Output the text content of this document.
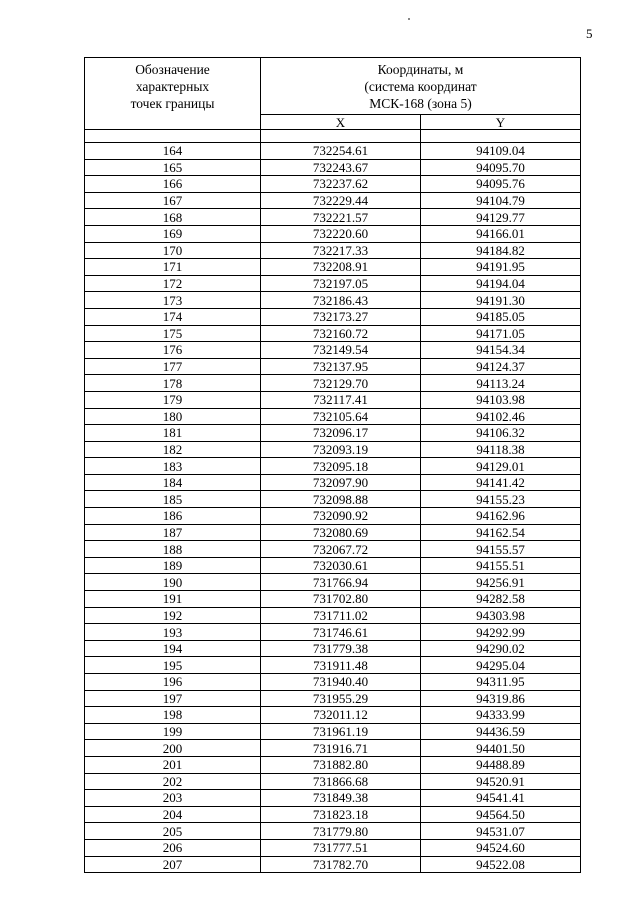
5
Обозначение
характерных
точек границы	Координаты, м
(система координат
МСК-168 (зона 5)	

	X	Y

164	732254.61	94109.04
165	732243.67	94095.70
166	732237.62	94095.76
167	732229.44	94104.79
168	732221.57	94129.77
169	732220.60	94166.01
170	732217.33	94184.82
171	732208.91	94191.95
172	732197.05	94194.04
173	732186.43	94191.30
174	732173.27	94185.05
175	732160.72	94171.05
176	732149.54	94154.34
177	732137.95	94124.37
178	732129.70	94113.24
179	732117.41	94103.98
180	732105.64	94102.46
181	732096.17	94106.32
182	732093.19	94118.38
183	732095.18	94129.01
184	732097.90	94141.42
185	732098.88	94155.23
186	732090.92	94162.96
187	732080.69	94162.54
188	732067.72	94155.57
189	732030.61	94155.51
190	731766.94	94256.91
191	731702.80	94282.58
192	731711.02	94303.98
193	731746.61	94292.99
194	731779.38	94290.02
195	731911.48	94295.04
196	731940.40	94311.95
197	731955.29	94319.86
198	732011.12	94333.99
199	731961.19	94436.59
200	731916.71	94401.50
201	731882.80	94488.89
202	731866.68	94520.91
203	731849.38	94541.41
204	731823.18	94564.50
205	731779.80	94531.07
206	731777.51	94524.60
207	731782.70	94522.08
